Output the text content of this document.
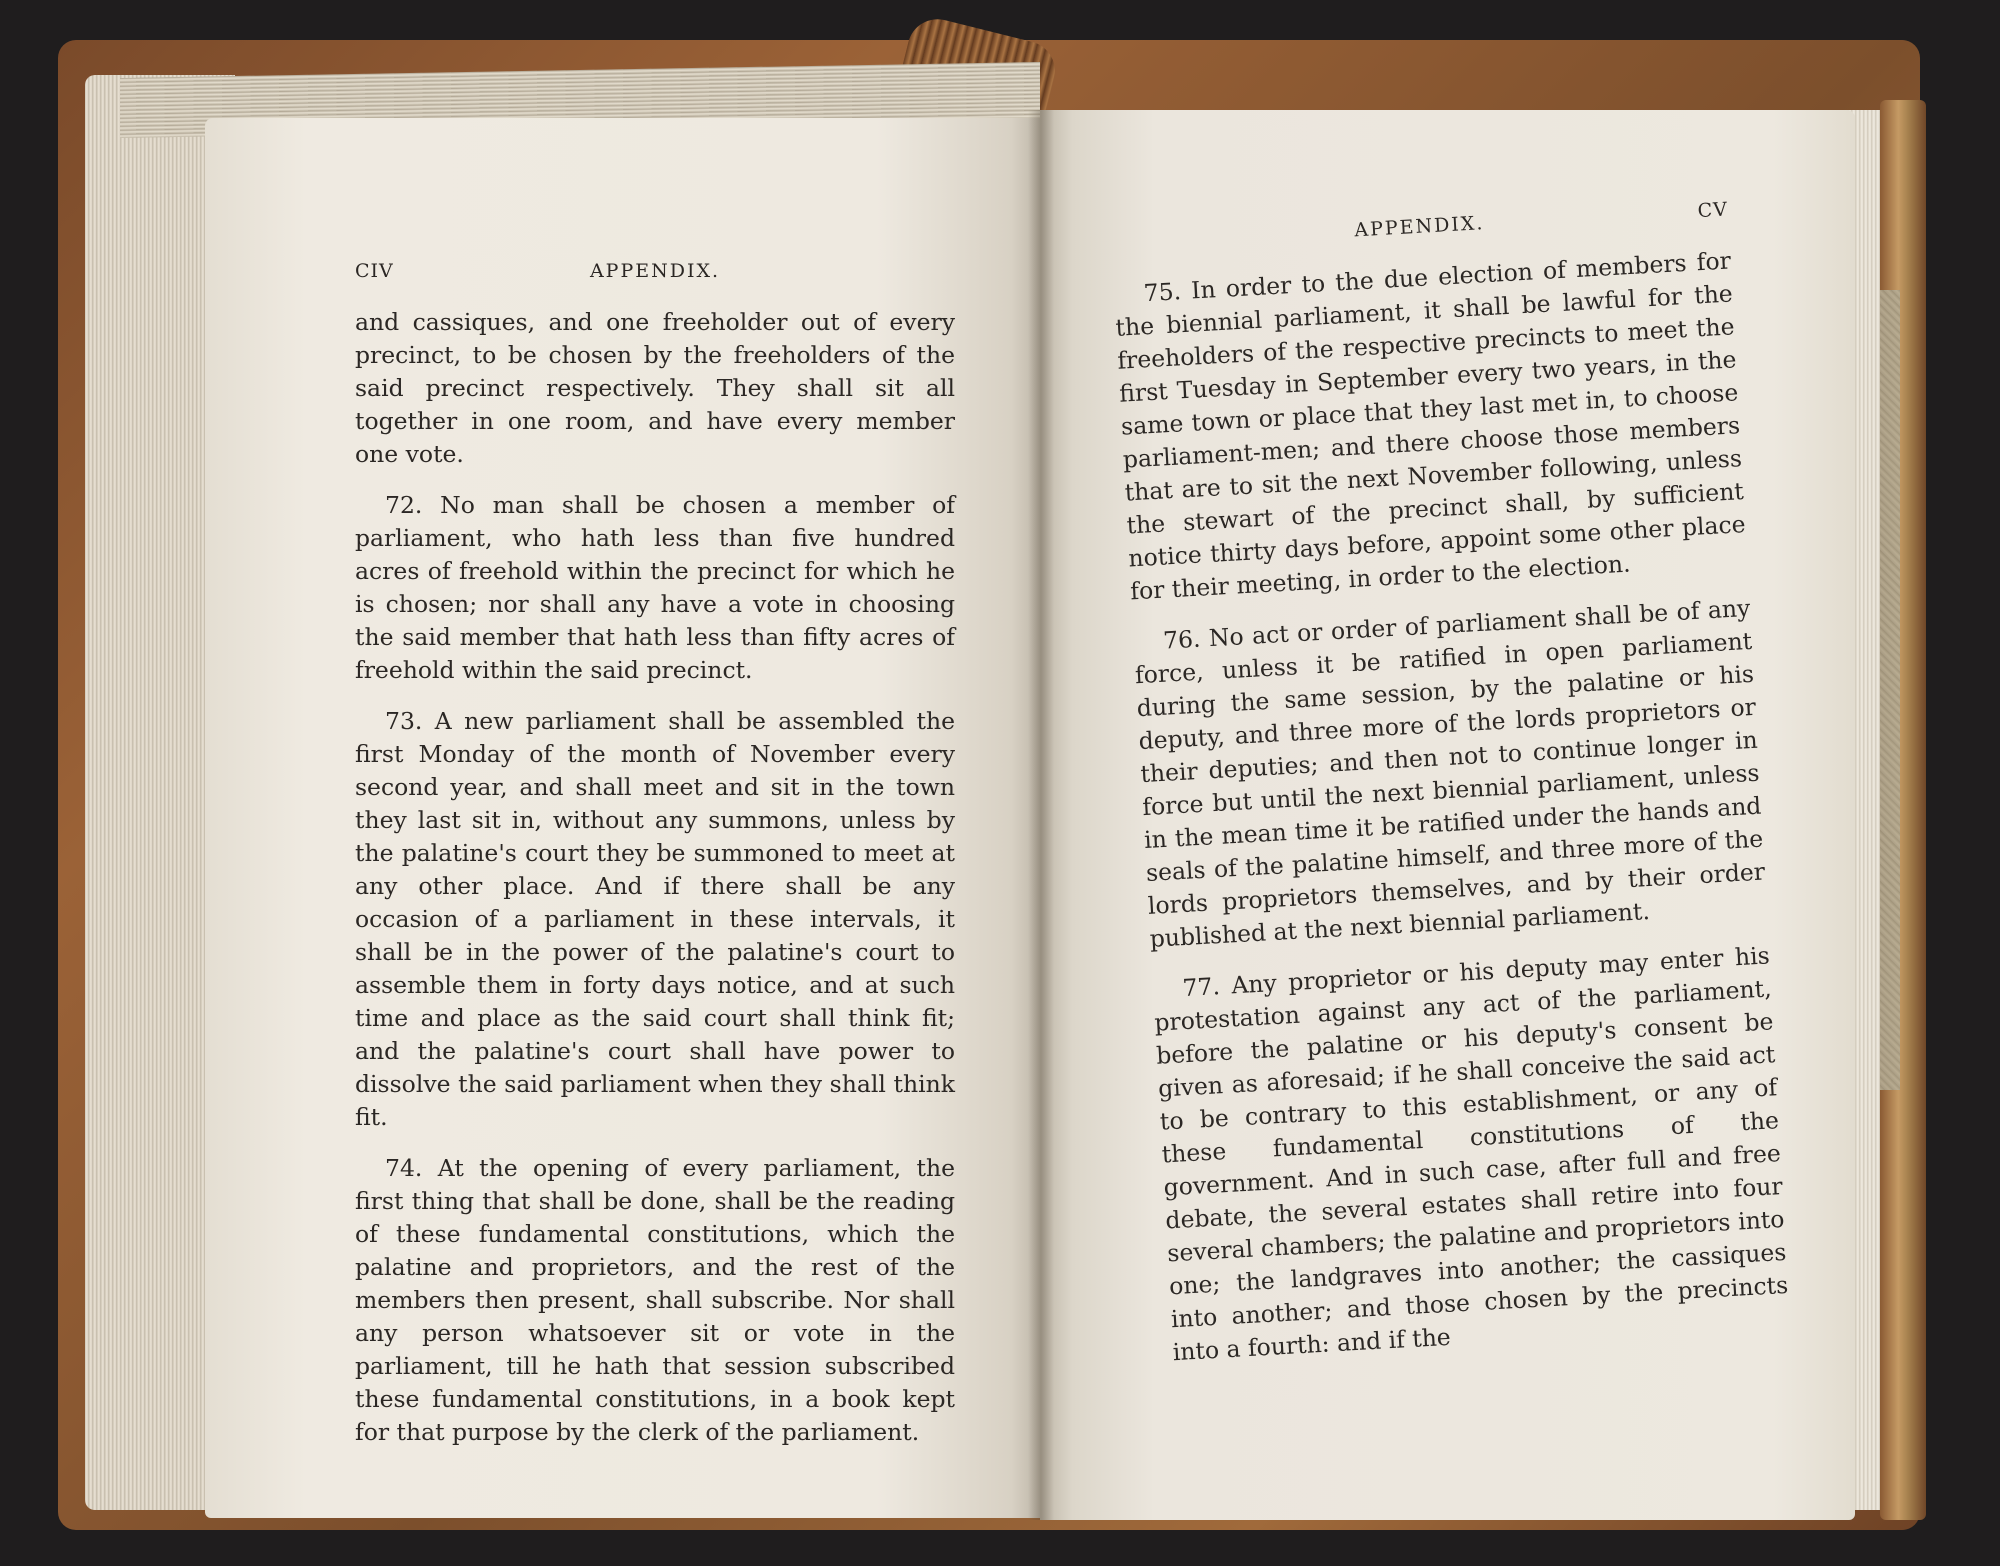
CIV	APPENDIX.

and cassiques, and one freeholder out of every precinct, to be chosen by the freeholders of the said precinct respectively. They shall sit all together in one room, and have every member one vote.

72. No man shall be chosen a member of parliament, who hath less than five hundred acres of freehold within the precinct for which he is chosen; nor shall any have a vote in choosing the said member that hath less than fifty acres of freehold within the said precinct.

73. A new parliament shall be assembled the first Monday of the month of November every second year, and shall meet and sit in the town they last sit in, without any summons, unless by the palatine's court they be summoned to meet at any other place. And if there shall be any occasion of a parliament in these intervals, it shall be in the power of the palatine's court to assemble them in forty days notice, and at such time and place as the said court shall think fit; and the palatine's court shall have power to dissolve the said parliament when they shall think fit.

74. At the opening of every parliament, the first thing that shall be done, shall be the reading of these fundamental constitutions, which the palatine and proprietors, and the rest of the members then present, shall subscribe. Nor shall any person whatsoever sit or vote in the parliament, till he hath that session subscribed these fundamental constitutions, in a book kept for that purpose by the clerk of the parliament.

APPENDIX.
CV

75. In order to the due election of members for the biennial parliament, it shall be lawful for the freeholders of the respective precincts to meet the first Tuesday in September every two years, in the same town or place that they last met in, to choose parliament-men; and there choose those members that are to sit the next November following, unless the stewart of the precinct shall, by sufficient notice thirty days before, appoint some other place for their meeting, in order to the election.

76. No act or order of parliament shall be of any force, unless it be ratified in open parliament during the same session, by the palatine or his deputy, and three more of the lords proprietors or their deputies; and then not to continue longer in force but until the next biennial parliament, unless in the mean time it be ratified under the hands and seals of the palatine himself, and three more of the lords proprietors themselves, and by their order published at the next biennial parliament.

77. Any proprietor or his deputy may enter his protestation against any act of the parliament, before the palatine or his deputy's consent be given as aforesaid; if he shall conceive the said act to be contrary to this establishment, or any of these fundamental constitutions of the government. And in such case, after full and free debate, the several estates shall retire into four several chambers; the palatine and proprietors into one; the landgraves into another; the cassiques into another; and those chosen by the precincts into a fourth: and if the
